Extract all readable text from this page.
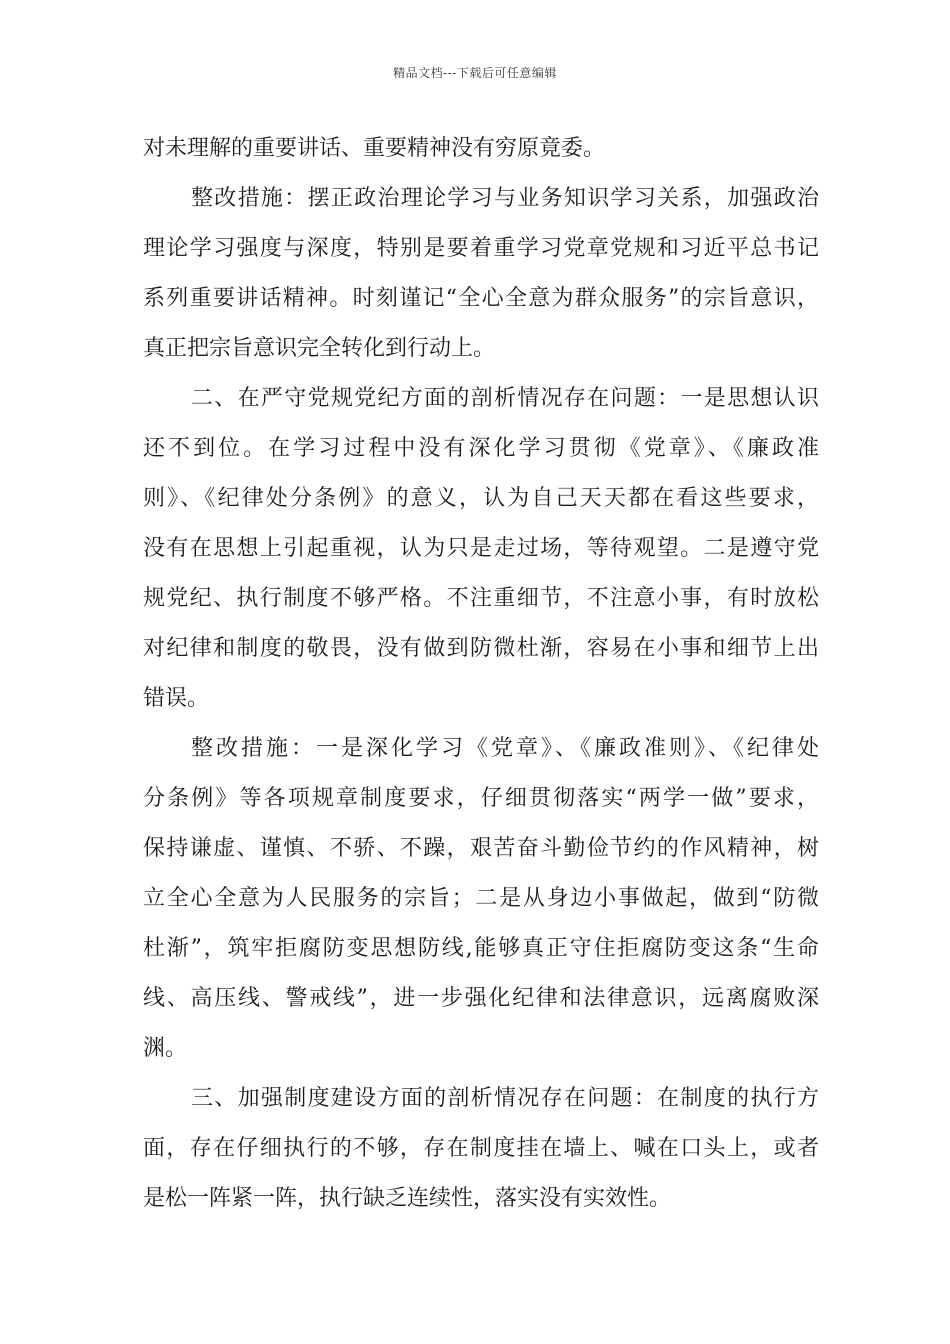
精品文档---下载后可任意编辑
对未理解的重要讲话、重要精神没有穷原竟委。
整改措施：摆正政治理论学习与业务知识学习关系，加强政治
理论学习强度与深度，特别是要着重学习党章党规和习近平总书记
系列重要讲话精神。时刻谨记“全心全意为群众服务”的宗旨意识，
真正把宗旨意识完全转化到行动上。
二、在严守党规党纪方面的剖析情况存在问题：一是思想认识
还不到位。在学习过程中没有深化学习贯彻《党章》、《廉政准
则》、《纪律处分条例》的意义，认为自己天天都在看这些要求，
没有在思想上引起重视，认为只是走过场，等待观望。二是遵守党
规党纪、执行制度不够严格。不注重细节，不注意小事，有时放松
对纪律和制度的敬畏，没有做到防微杜渐，容易在小事和细节上出
错误。
整改措施：一是深化学习《党章》、《廉政准则》、《纪律处
分条例》等各项规章制度要求，仔细贯彻落实“两学一做”要求，
保持谦虚、谨慎、不骄、不躁，艰苦奋斗勤俭节约的作风精神，树
立全心全意为人民服务的宗旨；二是从身边小事做起，做到“防微
杜渐”，筑牢拒腐防变思想防线,能够真正守住拒腐防变这条“生命
线、高压线、警戒线”，进一步强化纪律和法律意识，远离腐败深
渊。
三、加强制度建设方面的剖析情况存在问题：在制度的执行方
面，存在仔细执行的不够，存在制度挂在墙上、喊在口头上，或者
是松一阵紧一阵，执行缺乏连续性，落实没有实效性。
